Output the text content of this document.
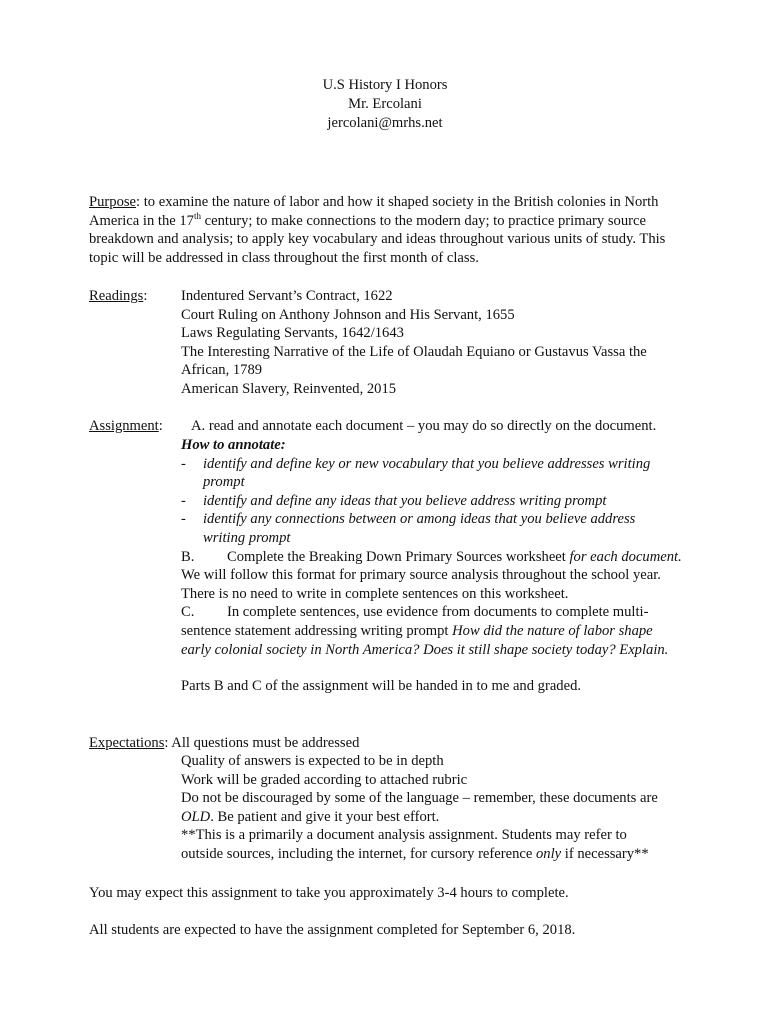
U.S History I Honors
Mr. Ercolani
jercolani@mrhs.net
Purpose: to examine the nature of labor and how it shaped society in the British colonies in North America in the 17th century; to make connections to the modern day; to practice primary source breakdown and analysis; to apply key vocabulary and ideas throughout various units of study. This topic will be addressed in class throughout the first month of class.
Readings: Indentured Servant’s Contract, 1622
Court Ruling on Anthony Johnson and His Servant, 1655
Laws Regulating Servants, 1642/1643
The Interesting Narrative of the Life of Olaudah Equiano or Gustavus Vassa the
African, 1789
American Slavery, Reinvented, 2015
Assignment: A. read and annotate each document – you may do so directly on the document.
How to annotate:
- identify and define key or new vocabulary that you believe addresses writing prompt
- identify and define any ideas that you believe address writing prompt
- identify any connections between or among ideas that you believe address writing prompt
B. Complete the Breaking Down Primary Sources worksheet for each document. We will follow this format for primary source analysis throughout the school year. There is no need to write in complete sentences on this worksheet.
C. In complete sentences, use evidence from documents to complete multi-sentence statement addressing writing prompt How did the nature of labor shape early colonial society in North America? Does it still shape society today? Explain.
Parts B and C of the assignment will be handed in to me and graded.
Expectations: All questions must be addressed
Quality of answers is expected to be in depth
Work will be graded according to attached rubric
Do not be discouraged by some of the language – remember, these documents are OLD. Be patient and give it your best effort.
**This is a primarily a document analysis assignment. Students may refer to outside sources, including the internet, for cursory reference only if necessary**
You may expect this assignment to take you approximately 3-4 hours to complete.
All students are expected to have the assignment completed for September 6, 2018.
